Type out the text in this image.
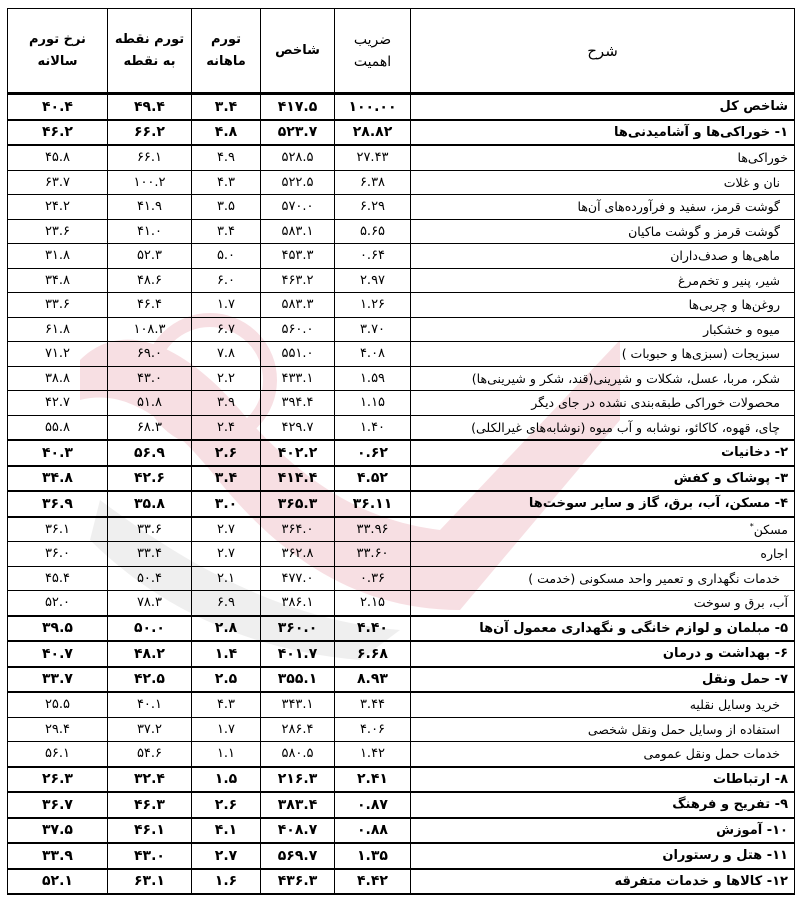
شرح	ضریب اهمیت	شاخص	تورم ماهانه	تورم نقطه به نقطه	نرخ تورم سالانه
شاخص کل	۱۰۰.۰۰	۴۱۷.۵	۳.۴	۴۹.۴	۴۰.۴
۱- خوراکی‌ها و آشامیدنی‌ها	۲۸.۸۲	۵۲۳.۷	۴.۸	۶۶.۲	۴۶.۲
خوراکی‌ها	۲۷.۴۳	۵۲۸.۵	۴.۹	۶۶.۱	۴۵.۸
نان و غلات	۶.۳۸	۵۲۲.۵	۴.۳	۱۰۰.۲	۶۳.۷
گوشت قرمز، سفید و فرآورده‌های آن‌ها	۶.۲۹	۵۷۰.۰	۳.۵	۴۱.۹	۲۴.۲
گوشت قرمز و گوشت ماکیان	۵.۶۵	۵۸۳.۱	۳.۴	۴۱.۰	۲۳.۶
ماهی‌ها و صدف‌داران	۰.۶۴	۴۵۳.۳	۵.۰	۵۲.۳	۳۱.۸
شیر، پنیر و تخم‌مرغ	۲.۹۷	۴۶۳.۲	۶.۰	۴۸.۶	۳۴.۸
روغن‌ها و چربی‌ها	۱.۲۶	۵۸۳.۳	۱.۷	۴۶.۴	۳۳.۶
میوه و خشکبار	۳.۷۰	۵۶۰.۰	۶.۷	۱۰۸.۳	۶۱.۸
سبزیجات (سبزی‌ها و حبوبات )	۴.۰۸	۵۵۱.۰	۷.۸	۶۹.۰	۷۱.۲
شکر، مربا، عسل، شکلات و شیرینی(قند، شکر و شیرینی‌ها)	۱.۵۹	۴۳۳.۱	۲.۲	۴۳.۰	۳۸.۸
محصولات خوراکی طبقه‌بندی نشده در جای دیگر	۱.۱۵	۳۹۴.۴	۳.۹	۵۱.۸	۴۲.۷
چای، قهوه، کاکائو، نوشابه و آب میوه (نوشابه‌های غیرالکلی)	۱.۴۰	۴۲۹.۷	۲.۴	۶۸.۳	۵۵.۸
۲- دخانیات	۰.۶۲	۴۰۲.۲	۲.۶	۵۶.۹	۴۰.۳
۳- پوشاک و کفش	۴.۵۲	۴۱۴.۴	۳.۴	۴۲.۶	۳۴.۸
۴- مسکن، آب، برق، گاز و سایر سوخت‌ها	۳۶.۱۱	۳۶۵.۳	۳.۰	۳۵.۸	۳۶.۹
مسکن*	۳۳.۹۶	۳۶۴.۰	۲.۷	۳۳.۶	۳۶.۱
اجاره	۳۳.۶۰	۳۶۲.۸	۲.۷	۳۳.۴	۳۶.۰
خدمات نگهداری و تعمیر واحد مسکونی (خدمت )	۰.۳۶	۴۷۷.۰	۲.۱	۵۰.۴	۴۵.۴
آب، برق و سوخت	۲.۱۵	۳۸۶.۱	۶.۹	۷۸.۳	۵۲.۰
۵- مبلمان و لوازم خانگی و نگهداری معمول آن‌ها	۴.۴۰	۳۶۰.۰	۲.۸	۵۰.۰	۳۹.۵
۶- بهداشت و درمان	۶.۶۸	۴۰۱.۷	۱.۴	۴۸.۲	۴۰.۷
۷- حمل ونقل	۸.۹۳	۳۵۵.۱	۲.۵	۴۲.۵	۳۳.۷
خرید وسایل نقلیه	۳.۴۴	۳۴۳.۱	۴.۳	۴۰.۱	۲۵.۵
استفاده از وسایل حمل ونقل شخصی	۴.۰۶	۲۸۶.۴	۱.۷	۳۷.۲	۲۹.۴
خدمات حمل ونقل عمومی	۱.۴۲	۵۸۰.۵	۱.۱	۵۴.۶	۵۶.۱
۸- ارتباطات	۲.۴۱	۲۱۶.۳	۱.۵	۳۲.۴	۲۶.۳
۹- تفریح و فرهنگ	۰.۸۷	۳۸۳.۴	۲.۶	۴۶.۳	۳۶.۷
۱۰- آموزش	۰.۸۸	۴۰۸.۷	۴.۱	۴۶.۱	۳۷.۵
۱۱- هتل و رستوران	۱.۳۵	۵۶۹.۷	۲.۷	۴۳.۰	۳۳.۹
۱۲- کالاها و خدمات متفرقه	۴.۴۲	۴۳۶.۳	۱.۶	۶۳.۱	۵۲.۱
